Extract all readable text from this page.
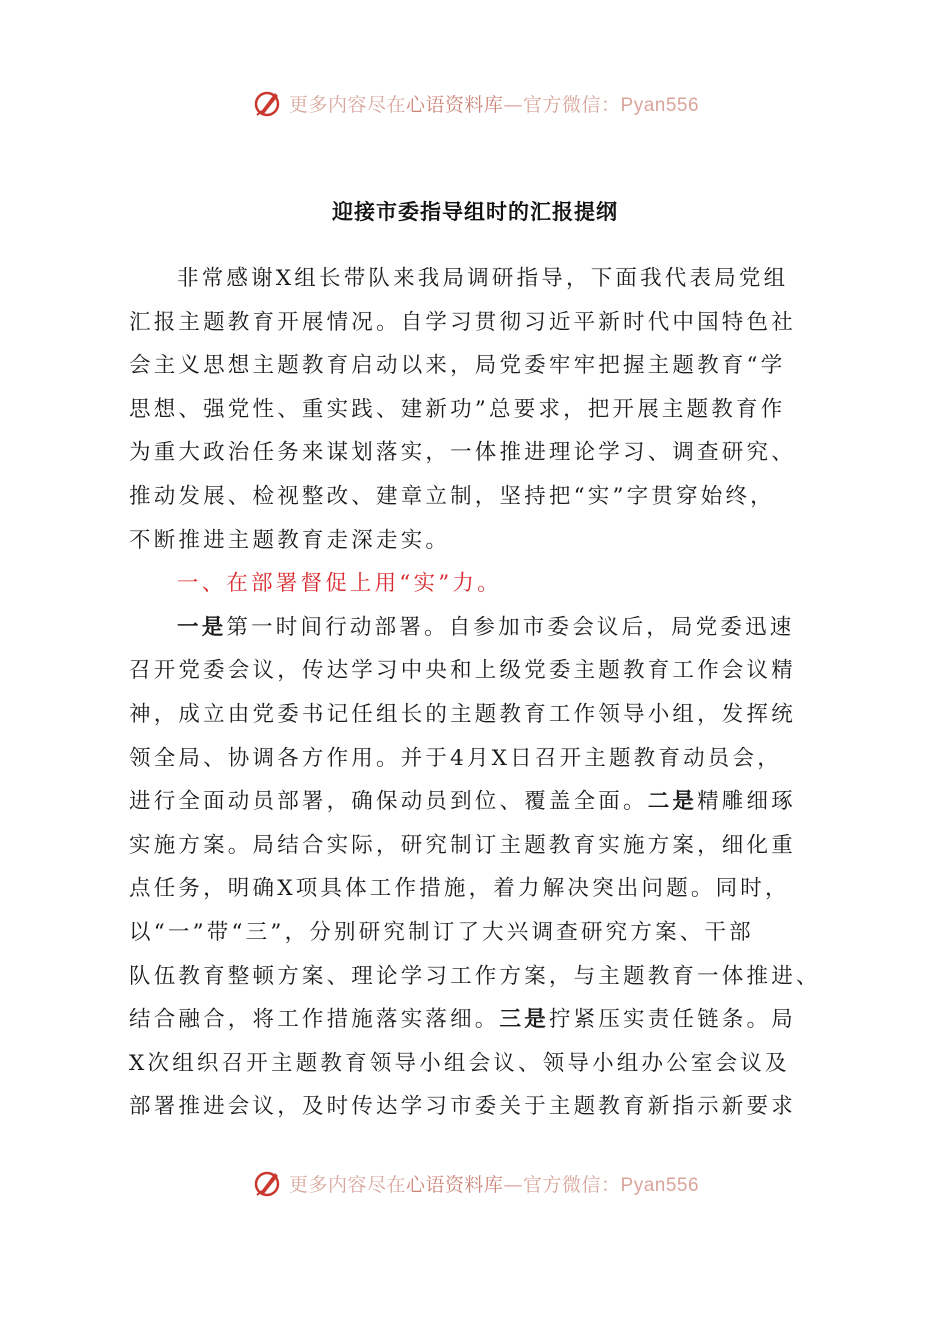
更多内容尽在心语资料库—官方微信：Pyan556
迎接市委指导组时的汇报提纲
非常感谢X组长带队来我局调研指导，下面我代表局党组
汇报主题教育开展情况。自学习贯彻习近平新时代中国特色社
会主义思想主题教育启动以来，局党委牢牢把握主题教育“学
思想、强党性、重实践、建新功”总要求，把开展主题教育作
为重大政治任务来谋划落实，一体推进理论学习、调查研究、
推动发展、检视整改、建章立制，坚持把“实”字贯穿始终，
不断推进主题教育走深走实。
一、在部署督促上用“实”力。
一是第一时间行动部署。自参加市委会议后，局党委迅速
召开党委会议，传达学习中央和上级党委主题教育工作会议精
神，成立由党委书记任组长的主题教育工作领导小组，发挥统
领全局、协调各方作用。并于4月X日召开主题教育动员会，
进行全面动员部署，确保动员到位、覆盖全面。二是精雕细琢
实施方案。局结合实际，研究制订主题教育实施方案，细化重
点任务，明确X项具体工作措施，着力解决突出问题。同时，
以“一”带“三”，分别研究制订了大兴调查研究方案、干部
队伍教育整顿方案、理论学习工作方案，与主题教育一体推进、
结合融合，将工作措施落实落细。三是拧紧压实责任链条。局
X次组织召开主题教育领导小组会议、领导小组办公室会议及
部署推进会议，及时传达学习市委关于主题教育新指示新要求
更多内容尽在心语资料库—官方微信：Pyan556
